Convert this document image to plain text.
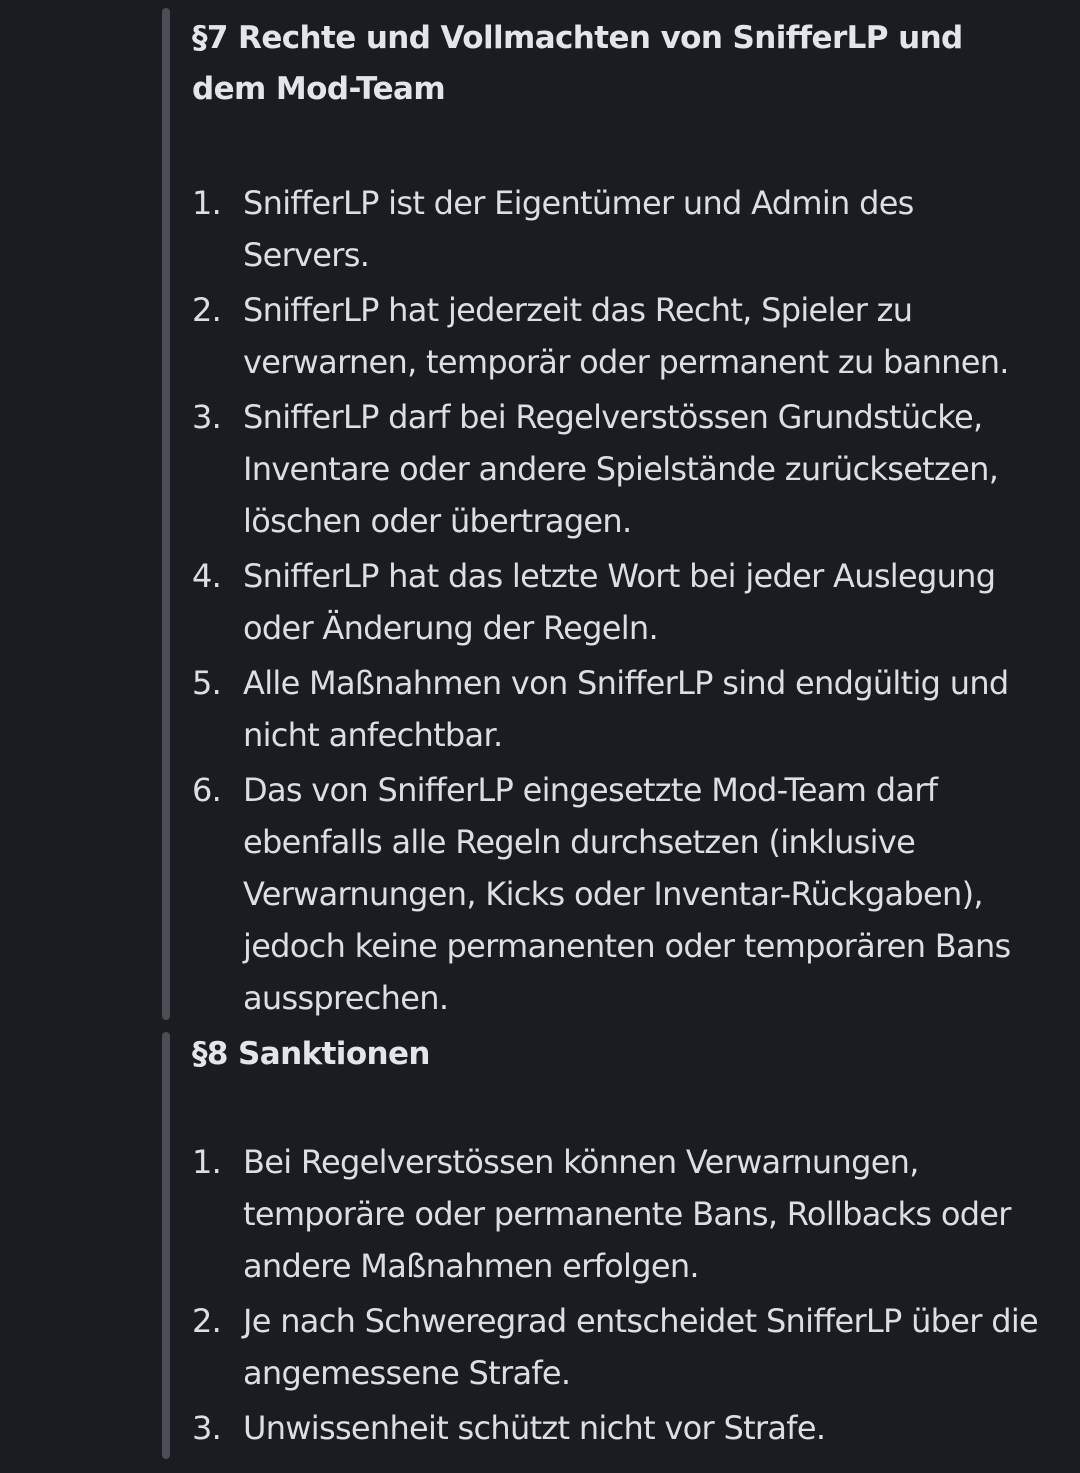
§7 Rechte und Vollmachten von SnifferLP und dem Mod-Team
1. SnifferLP ist der Eigentümer und Admin des Servers.
2. SnifferLP hat jederzeit das Recht, Spieler zu verwarnen, temporär oder permanent zu bannen.
3. SnifferLP darf bei Regelverstössen Grundstücke, Inventare oder andere Spielstände zurücksetzen, löschen oder übertragen.
4. SnifferLP hat das letzte Wort bei jeder Auslegung oder Änderung der Regeln.
5. Alle Maßnahmen von SnifferLP sind endgültig und nicht anfechtbar.
6. Das von SnifferLP eingesetzte Mod-Team darf ebenfalls alle Regeln durchsetzen (inklusive Verwarnungen, Kicks oder Inventar-Rückgaben), jedoch keine permanenten oder temporären Bans aussprechen.
§8 Sanktionen
1. Bei Regelverstössen können Verwarnungen, temporäre oder permanente Bans, Rollbacks oder andere Maßnahmen erfolgen.
2. Je nach Schweregrad entscheidet SnifferLP über die angemessene Strafe.
3. Unwissenheit schützt nicht vor Strafe.
